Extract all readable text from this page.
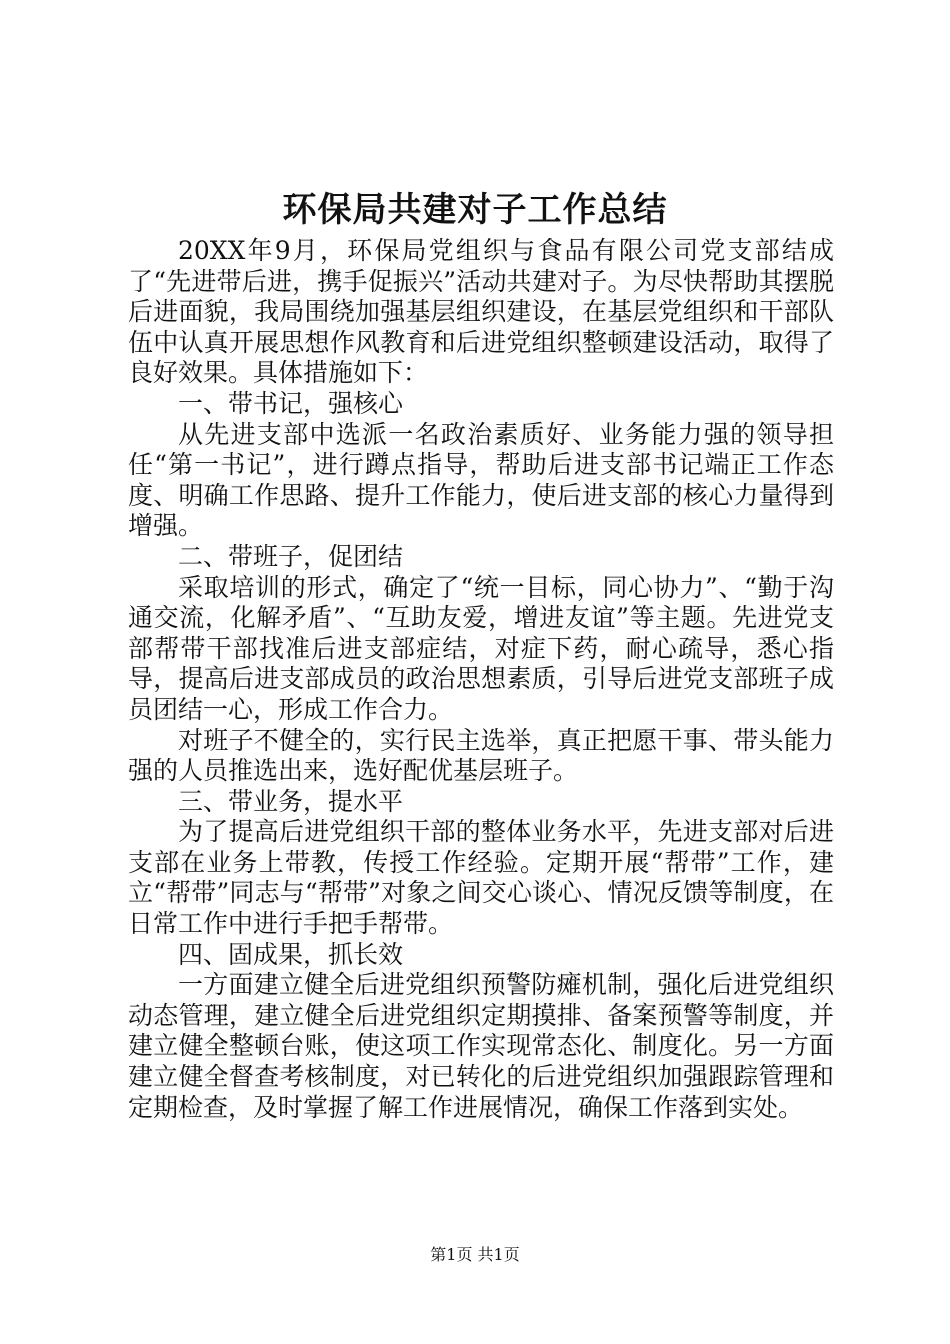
环保局共建对子工作总结

20XX年9月，环保局党组织与食品有限公司党支部结成了“先进带后进，携手促振兴”活动共建对子。为尽快帮助其摆脱后进面貌，我局围绕加强基层组织建设，在基层党组织和干部队伍中认真开展思想作风教育和后进党组织整顿建设活动，取得了良好效果。具体措施如下：

一、带书记，强核心

从先进支部中选派一名政治素质好、业务能力强的领导担任“第一书记”，进行蹲点指导，帮助后进支部书记端正工作态度、明确工作思路、提升工作能力，使后进支部的核心力量得到增强。

二、带班子，促团结

采取培训的形式，确定了“统一目标，同心协力”、“勤于沟通交流，化解矛盾”、“互助友爱，增进友谊”等主题。先进党支部帮带干部找准后进支部症结，对症下药，耐心疏导，悉心指导，提高后进支部成员的政治思想素质，引导后进党支部班子成员团结一心，形成工作合力。

对班子不健全的，实行民主选举，真正把愿干事、带头能力强的人员推选出来，选好配优基层班子。

三、带业务，提水平

为了提高后进党组织干部的整体业务水平，先进支部对后进支部在业务上带教，传授工作经验。定期开展“帮带”工作，建立“帮带”同志与“帮带”对象之间交心谈心、情况反馈等制度，在日常工作中进行手把手帮带。

四、固成果，抓长效

一方面建立健全后进党组织预警防瘫机制，强化后进党组织动态管理，建立健全后进党组织定期摸排、备案预警等制度，并建立健全整顿台账，使这项工作实现常态化、制度化。另一方面建立健全督查考核制度，对已转化的后进党组织加强跟踪管理和定期检查，及时掌握了解工作进展情况，确保工作落到实处。

第1页 共1页
